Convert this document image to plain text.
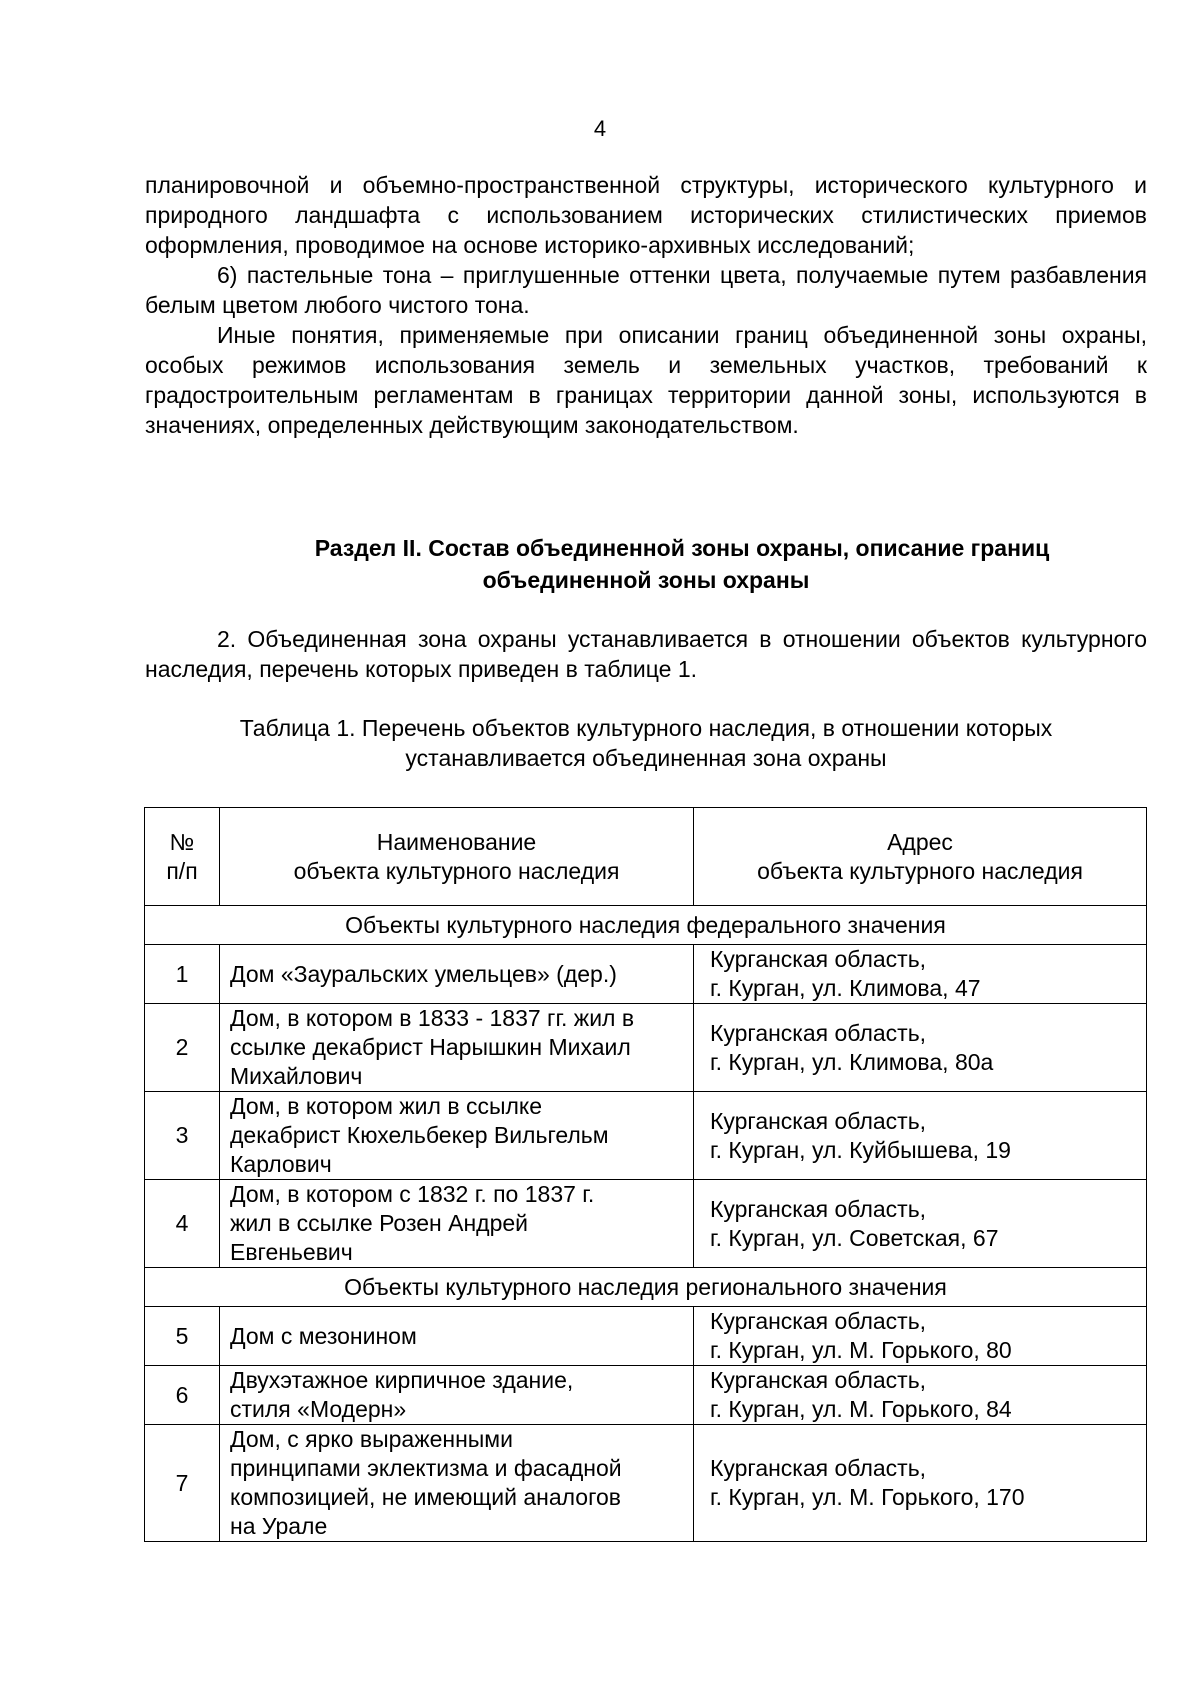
4

планировочной и объемно-пространственной структуры, исторического культурного и природного ландшафта с использованием исторических стилистических приемов оформления, проводимое на основе историко-архивных исследований;

6) пастельные тона – приглушенные оттенки цвета, получаемые путем разбавления белым цветом любого чистого тона.

Иные понятия, применяемые при описании границ объединенной зоны охраны, особых режимов использования земель и земельных участков, требований к градостроительным регламентам в границах территории данной зоны, используются в значениях, определенных действующим законодательством.

Раздел II. Состав объединенной зоны охраны, описание границ
объединенной зоны охраны

2. Объединенная зона охраны устанавливается в отношении объектов культурного наследия, перечень которых приведен в таблице 1.

Таблица 1. Перечень объектов культурного наследия, в отношении которых
устанавливается объединенная зона охраны
№
п/п	Наименование
объекта культурного наследия	Адрес
объекта культурного наследия

Объекты культурного наследия федерального значения		
1	Дом «Зауральских умельцев» (дер.)	Курганская область,
г. Курган, ул. Климова, 47

2	Дом, в котором в 1833 - 1837 гг. жил в
ссылке декабрист Нарышкин Михаил
Михайлович	Курганская область,
г. Курган, ул. Климова, 80а

3	Дом, в котором жил в ссылке
декабрист Кюхельбекер Вильгельм
Карлович	Курганская область,
г. Курган, ул. Куйбышева, 19

4	Дом, в котором с 1832 г. по 1837 г.
жил в ссылке Розен Андрей
Евгеньевич	Курганская область,
г. Курган, ул. Советская, 67

Объекты культурного наследия регионального значения		
5	Дом с мезонином	Курганская область,
г. Курган, ул. М. Горького, 80

6	Двухэтажное кирпичное здание,
стиля «Модерн»	Курганская область,
г. Курган, ул. М. Горького, 84

7	Дом, с ярко выраженными
принципами эклектизма и фасадной
композицией, не имеющий аналогов
на Урале	Курганская область,
г. Курган, ул. М. Горького, 170
